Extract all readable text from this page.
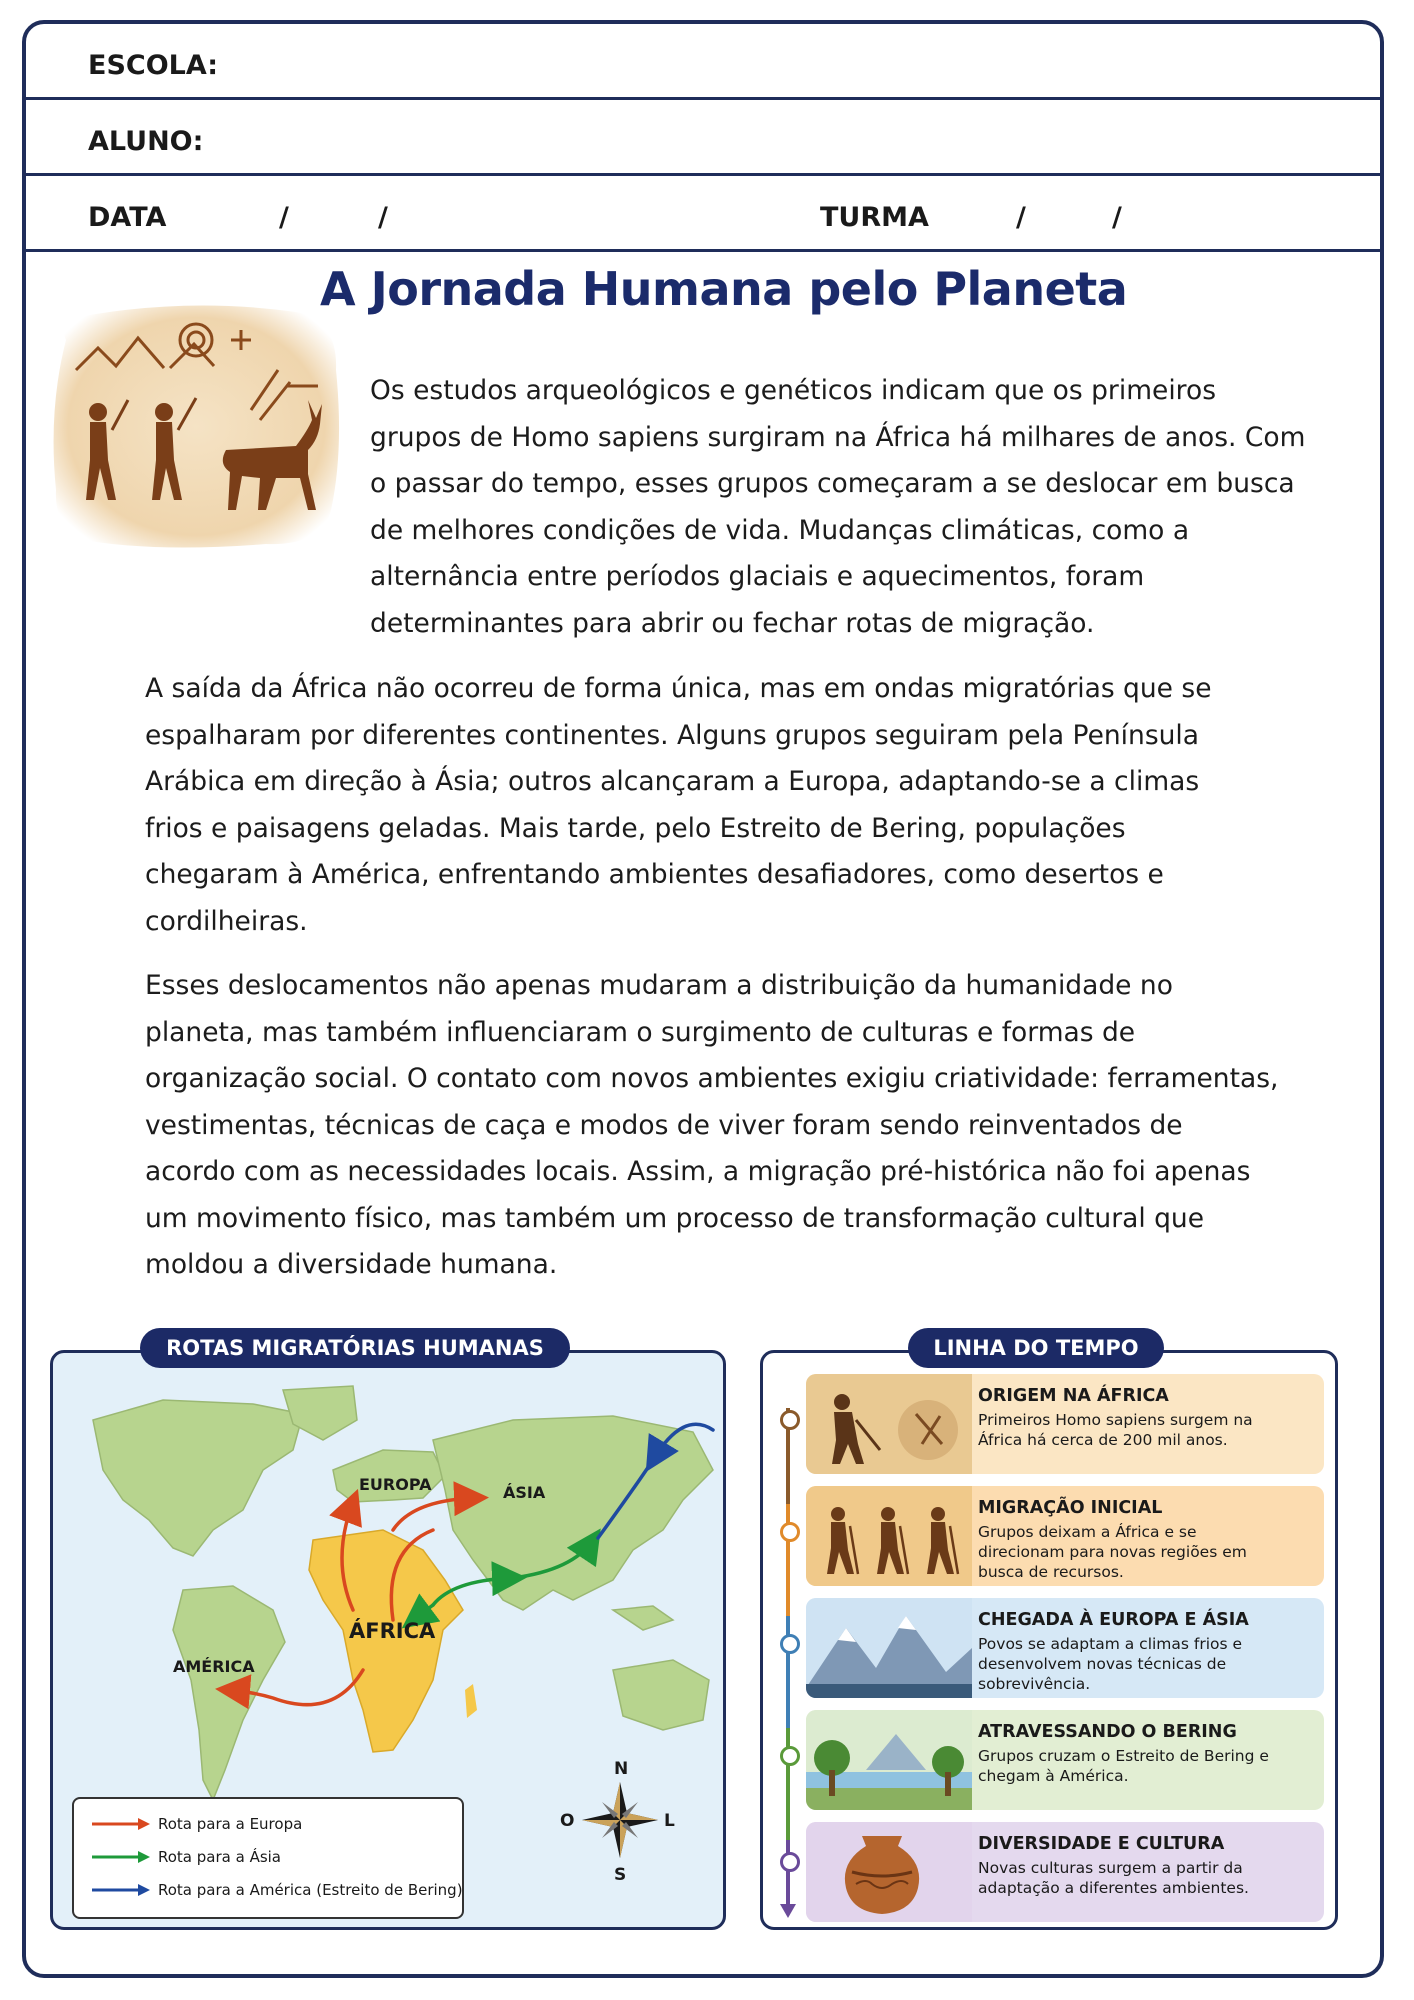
ESCOLA:
ALUNO:
DATA	/	/	TURMA	/	/
A Jornada Humana pelo Planeta
Os estudos arqueológicos e genéticos indicam que os primeiros
grupos de Homo sapiens surgiram na África há milhares de anos. Com
o passar do tempo, esses grupos começaram a se deslocar em busca
de melhores condições de vida. Mudanças climáticas, como a
alternância entre períodos glaciais e aquecimentos, foram
determinantes para abrir ou fechar rotas de migração.
A saída da África não ocorreu de forma única, mas em ondas migratórias que se
espalharam por diferentes continentes. Alguns grupos seguiram pela Península
Arábica em direção à Ásia; outros alcançaram a Europa, adaptando-se a climas
frios e paisagens geladas. Mais tarde, pelo Estreito de Bering, populações
chegaram à América, enfrentando ambientes desafiadores, como desertos e
cordilheiras.
Esses deslocamentos não apenas mudaram a distribuição da humanidade no
planeta, mas também influenciaram o surgimento de culturas e formas de
organização social. O contato com novos ambientes exigiu criatividade: ferramentas,
vestimentas, técnicas de caça e modos de viver foram sendo reinventados de
acordo com as necessidades locais. Assim, a migração pré-histórica não foi apenas
um movimento físico, mas também um processo de transformação cultural que
moldou a diversidade humana.
EUROPA	ÁSIA
ÁFRICA
AMÉRICA
N
S
L
O
ROTAS MIGRATÓRIAS HUMANAS
Rota para a Europa
Rota para a Ásia
Rota para a América (Estreito de Bering)
LINHA DO TEMPO
ORIGEM NA ÁFRICA
Primeiros Homo sapiens surgem na África há cerca de 200 mil anos.
MIGRAÇÃO INICIAL
Grupos deixam a África e se direcionam para novas regiões em busca de recursos.
CHEGADA À EUROPA E ÁSIA
Povos se adaptam a climas frios e desenvolvem novas técnicas de sobrevivência.
ATRAVESSANDO O BERING
Grupos cruzam o Estreito de Bering e chegam à América.
DIVERSIDADE E CULTURA
Novas culturas surgem a partir da adaptação a diferentes ambientes.
